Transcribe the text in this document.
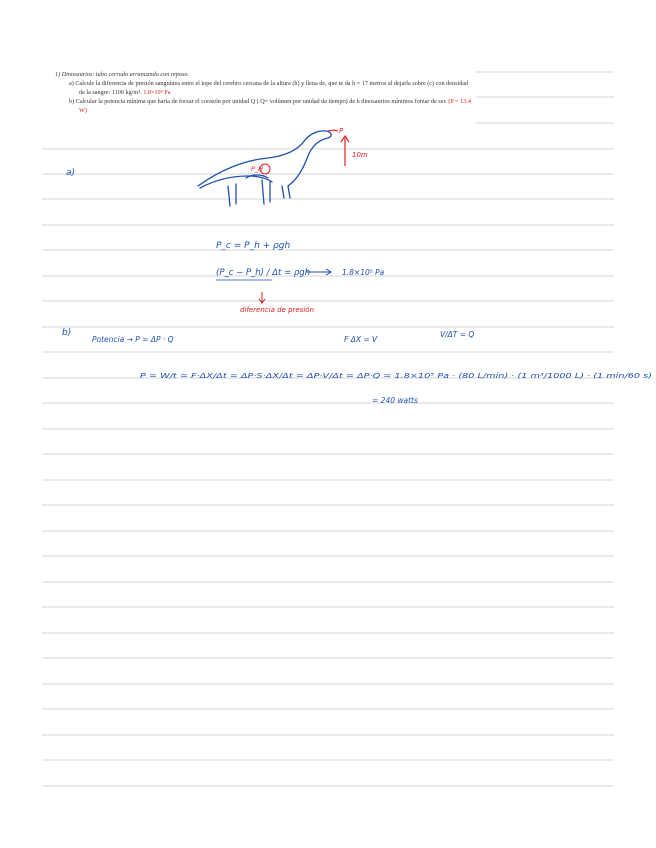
1) Dinosaurios: tubo cerrado arrancando con reposo.
a) Calcule la diferencia de presión sanguínea entre el tope del cerebro cercana de la altura (h) y llena de, que te da h = 17 metros al dejarla sobre (c) con densidad de la sangre: 1100 kg/m³. 1.8×10⁵ Pa
b) Calcular la potencia mínima que haría de forzar el corazón por unidad Q ( Q= volúmen por unidad de tiempo) de h dinosaurios mínimos forzar de ser. (P = 13.4 W)
a)
P
10m
P_H
P_c = P_h + ρgh
(P_c − P_h) / Δt = ρgh	1.8×10⁵ Pa
diferencia de presión
b)
Potencia → P = ΔP · Q	F ΔX = V
V/ΔT = Q
P = W/t = F·ΔX/Δt = ΔP·S·ΔX/Δt = ΔP·V/Δt = ΔP·Q = 1.8×10⁵ Pa · (80 L/min) · (1 m³/1000 L) · (1 min/60 s)
= 240 watts
